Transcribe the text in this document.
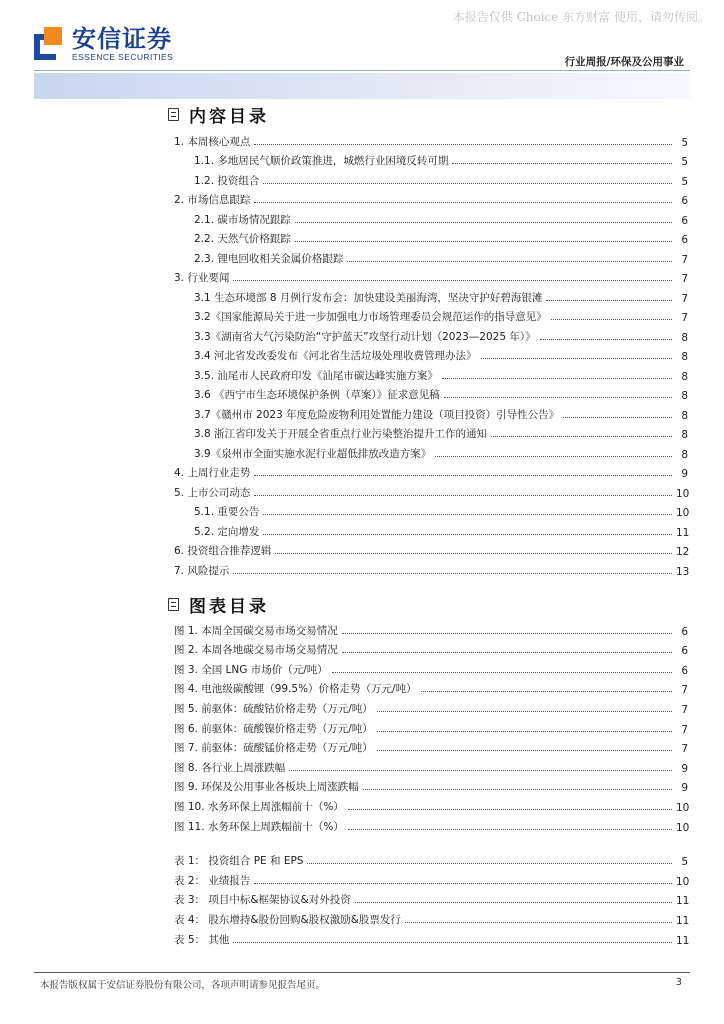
本报告仅供 Choice 东方财富 使用，请勿传阅。
安信证券
ESSENCE SECURITIES	行业周报/环保及公用事业
内容目录
1. 本周核心观点	5
1.1. 多地居民气顺价政策推进，城燃行业困境反转可期	5
1.2. 投资组合	5
2. 市场信息跟踪	6
2.1. 碳市场情况跟踪	6
2.2. 天然气价格跟踪	6
2.3. 锂电回收相关金属价格跟踪	7
3. 行业要闻	7
3.1 生态环境部 8 月例行发布会：加快建设美丽海湾，坚决守护好碧海银滩	7
3.2《国家能源局关于进一步加强电力市场管理委员会规范运作的指导意见》	7
3.3《湖南省大气污染防治“守护蓝天”攻坚行动计划（2023—2025 年）》	8
3.4 河北省发改委发布《河北省生活垃圾处理收费管理办法》	8
3.5. 汕尾市人民政府印发《汕尾市碳达峰实施方案》	8
3.6 《西宁市生态环境保护条例（草案）》征求意见稿	8
3.7《赣州市 2023 年度危险废物利用处置能力建设（项目投资）引导性公告》	8
3.8 浙江省印发关于开展全省重点行业污染整治提升工作的通知	8
3.9《泉州市全面实施水泥行业超低排放改造方案》	8
4. 上周行业走势	9
5. 上市公司动态	10
5.1. 重要公告	10
5.2. 定向增发	11
6. 投资组合推荐逻辑	12
7. 风险提示	13
图表目录
图 1. 本周全国碳交易市场交易情况	6
图 2. 本周各地碳交易市场交易情况	6
图 3. 全国 LNG 市场价（元/吨）	6
图 4. 电池级碳酸锂（99.5%）价格走势（万元/吨）	7
图 5. 前驱体：硫酸钴价格走势（万元/吨）	7
图 6. 前驱体：硫酸镍价格走势（万元/吨）	7
图 7. 前驱体：硫酸锰价格走势（万元/吨）	7
图 8. 各行业上周涨跌幅	9
图 9. 环保及公用事业各板块上周涨跌幅	9
图 10. 水务环保上周涨幅前十（%）	10
图 11. 水务环保上周跌幅前十（%）	10
表 1： 投资组合 PE 和 EPS	5
表 2： 业绩报告	10
表 3： 项目中标&框架协议&对外投资	11
表 4： 股东增持&股份回购&股权激励&股票发行	11
表 5： 其他	11
本报告版权属于安信证券股份有限公司，各项声明请参见报告尾页。	3
